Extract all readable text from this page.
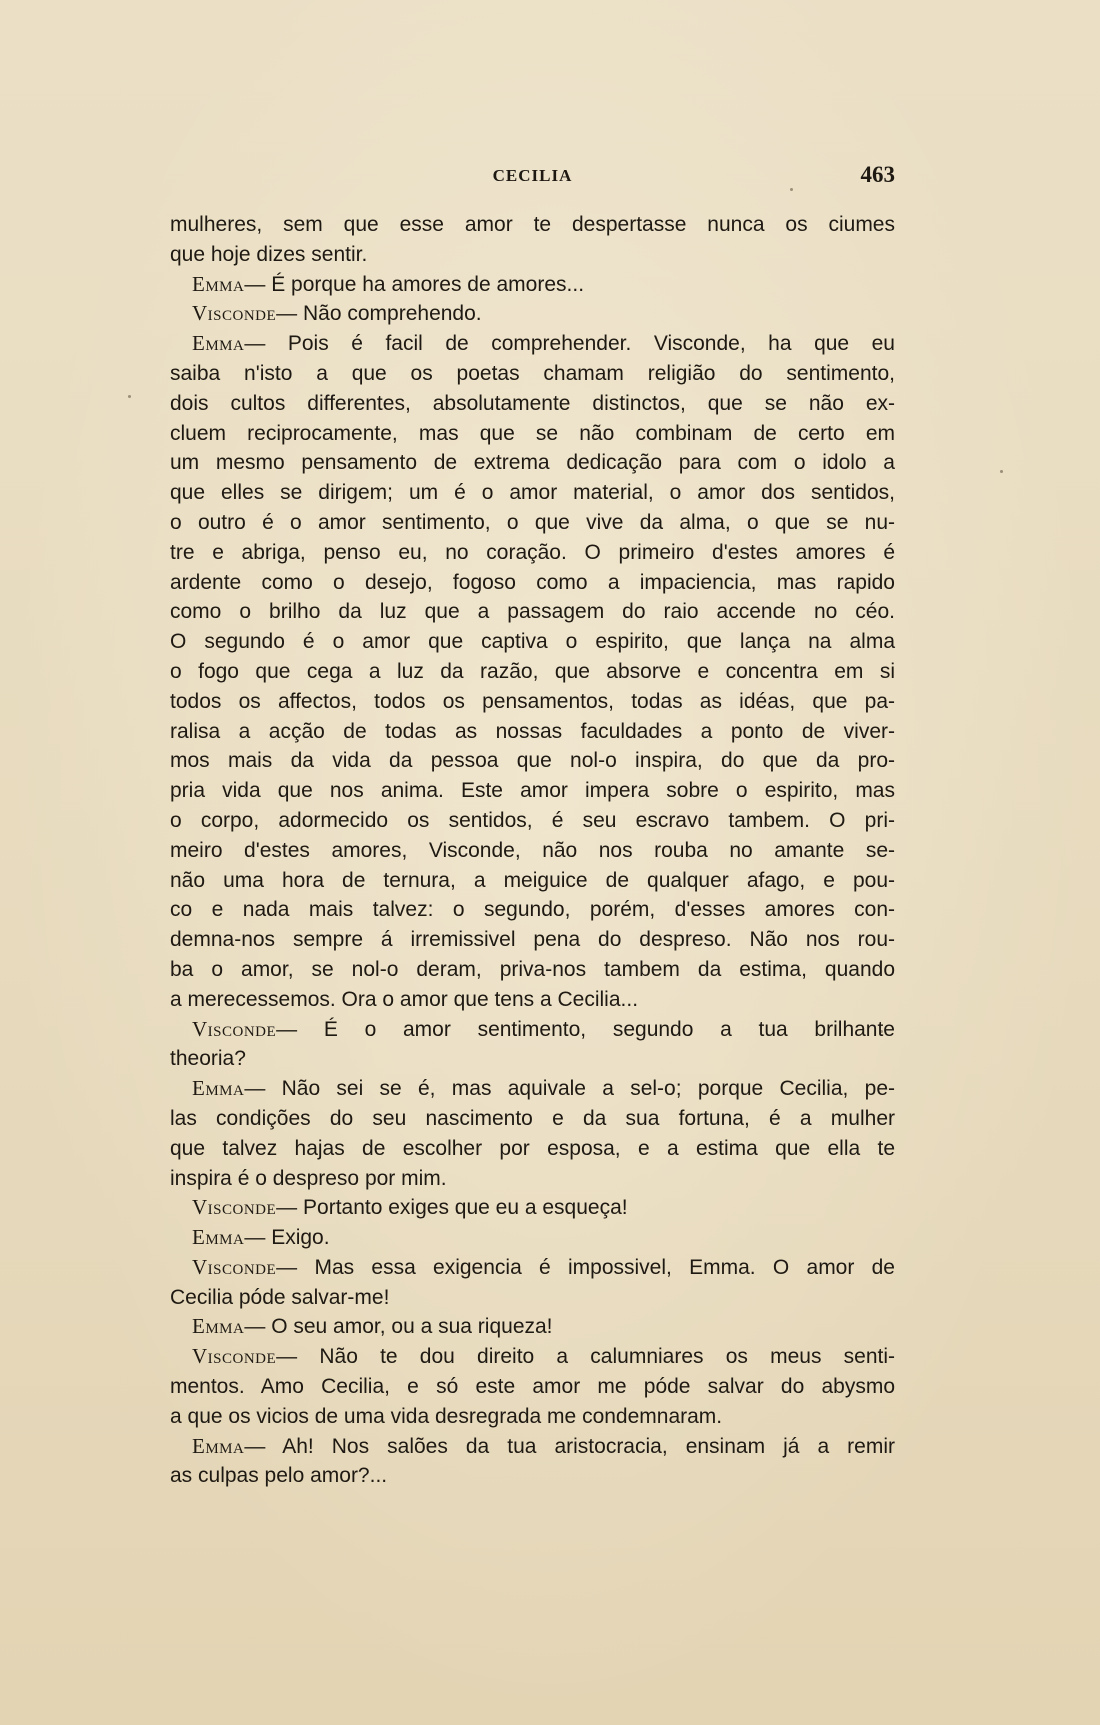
CECILIA	463
mulheres, sem que esse amor te despertasse nunca os ciumes
que hoje dizes sentir.
Emma— É porque ha amores de amores...
Visconde— Não comprehendo.
Emma— Pois é facil de comprehender. Visconde, ha que eu
saiba n'isto a que os poetas chamam religião do sentimento,
dois cultos differentes, absolutamente distinctos, que se não ex-
cluem reciprocamente, mas que se não combinam de certo em
um mesmo pensamento de extrema dedicação para com o idolo a
que elles se dirigem; um é o amor material, o amor dos sentidos,
o outro é o amor sentimento, o que vive da alma, o que se nu-
tre e abriga, penso eu, no coração. O primeiro d'estes amores é
ardente como o desejo, fogoso como a impaciencia, mas rapido
como o brilho da luz que a passagem do raio accende no céo.
O segundo é o amor que captiva o espirito, que lança na alma
o fogo que cega a luz da razão, que absorve e concentra em si
todos os affectos, todos os pensamentos, todas as idéas, que pa-
ralisa a acção de todas as nossas faculdades a ponto de viver-
mos mais da vida da pessoa que nol-o inspira, do que da pro-
pria vida que nos anima. Este amor impera sobre o espirito, mas
o corpo, adormecido os sentidos, é seu escravo tambem. O pri-
meiro d'estes amores, Visconde, não nos rouba no amante se-
não uma hora de ternura, a meiguice de qualquer afago, e pou-
co e nada mais talvez: o segundo, porém, d'esses amores con-
demna-nos sempre á irremissivel pena do despreso. Não nos rou-
ba o amor, se nol-o deram, priva-nos tambem da estima, quando
a merecessemos. Ora o amor que tens a Cecilia...
Visconde— É o amor sentimento, segundo a tua brilhante
theoria?
Emma— Não sei se é, mas aquivale a sel-o; porque Cecilia, pe-
las condições do seu nascimento e da sua fortuna, é a mulher
que talvez hajas de escolher por esposa, e a estima que ella te
inspira é o despreso por mim.
Visconde— Portanto exiges que eu a esqueça!
Emma— Exigo.
Visconde— Mas essa exigencia é impossivel, Emma. O amor de
Cecilia póde salvar-me!
Emma— O seu amor, ou a sua riqueza!
Visconde— Não te dou direito a calumniares os meus senti-
mentos. Amo Cecilia, e só este amor me póde salvar do abysmo
a que os vicios de uma vida desregrada me condemnaram.
Emma— Ah! Nos salões da tua aristocracia, ensinam já a remir
as culpas pelo amor?...
